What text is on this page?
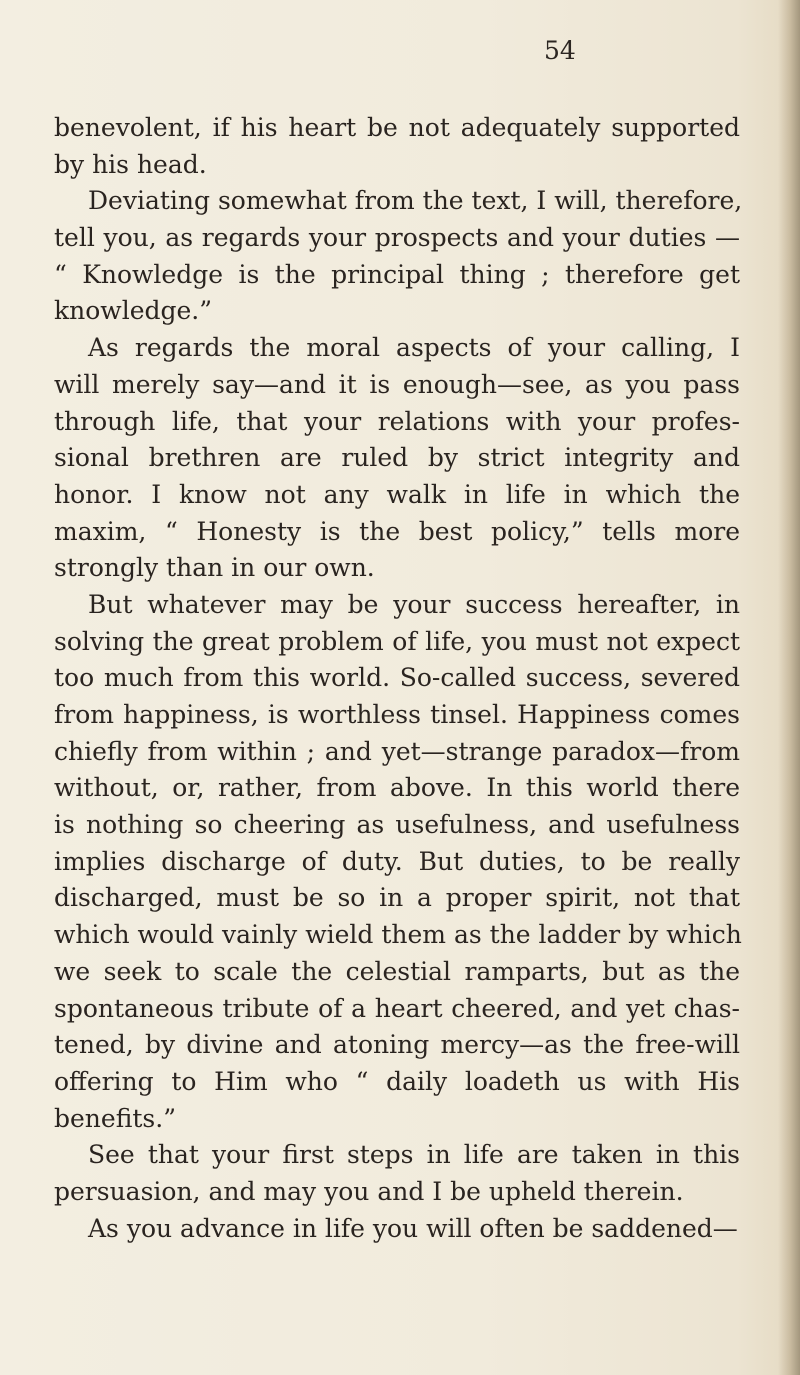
54
benevolent, if his heart be not adequately supported
by his head.
Deviating somewhat from the text, I will, therefore,
tell you, as regards your prospects and your duties —
“ Knowledge is the principal thing ; therefore get
knowledge.”
As regards the moral aspects of your calling, I
will merely say—and it is enough—see, as you pass
through life, that your relations with your profes-
sional brethren are ruled by strict integrity and
honor. I know not any walk in life in which the
maxim, “ Honesty is the best policy,” tells more
strongly than in our own.
But whatever may be your success hereafter, in
solving the great problem of life, you must not expect
too much from this world. So-called success, severed
from happiness, is worthless tinsel. Happiness comes
chiefly from within ; and yet—strange paradox—from
without, or, rather, from above. In this world there
is nothing so cheering as usefulness, and usefulness
implies discharge of duty. But duties, to be really
discharged, must be so in a proper spirit, not that
which would vainly wield them as the ladder by which
we seek to scale the celestial ramparts, but as the
spontaneous tribute of a heart cheered, and yet chas-
tened, by divine and atoning mercy—as the free-will
offering to Him who “ daily loadeth us with His
benefits.”
See that your first steps in life are taken in this
persuasion, and may you and I be upheld therein.
As you advance in life you will often be saddened—
